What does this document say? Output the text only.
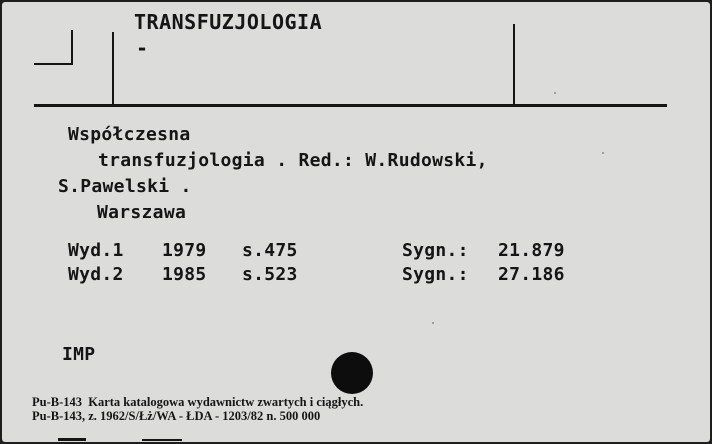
TRANSFUZJOLOGIA
-
Współczesna
transfuzjologia . Red.: W.Rudowski,
S.Pawelski .
Warszawa
Wyd.1 1979 s.475	Sygn.: 21.879
Wyd.2 1985 s.523	Sygn.: 27.186
IMP
Pu-B-143  Karta katalogowa wydawnictw zwartych i ciągłych.
Pu-B-143, z. 1962/S/Łż/WA - ŁDA - 1203/82 n. 500 000
